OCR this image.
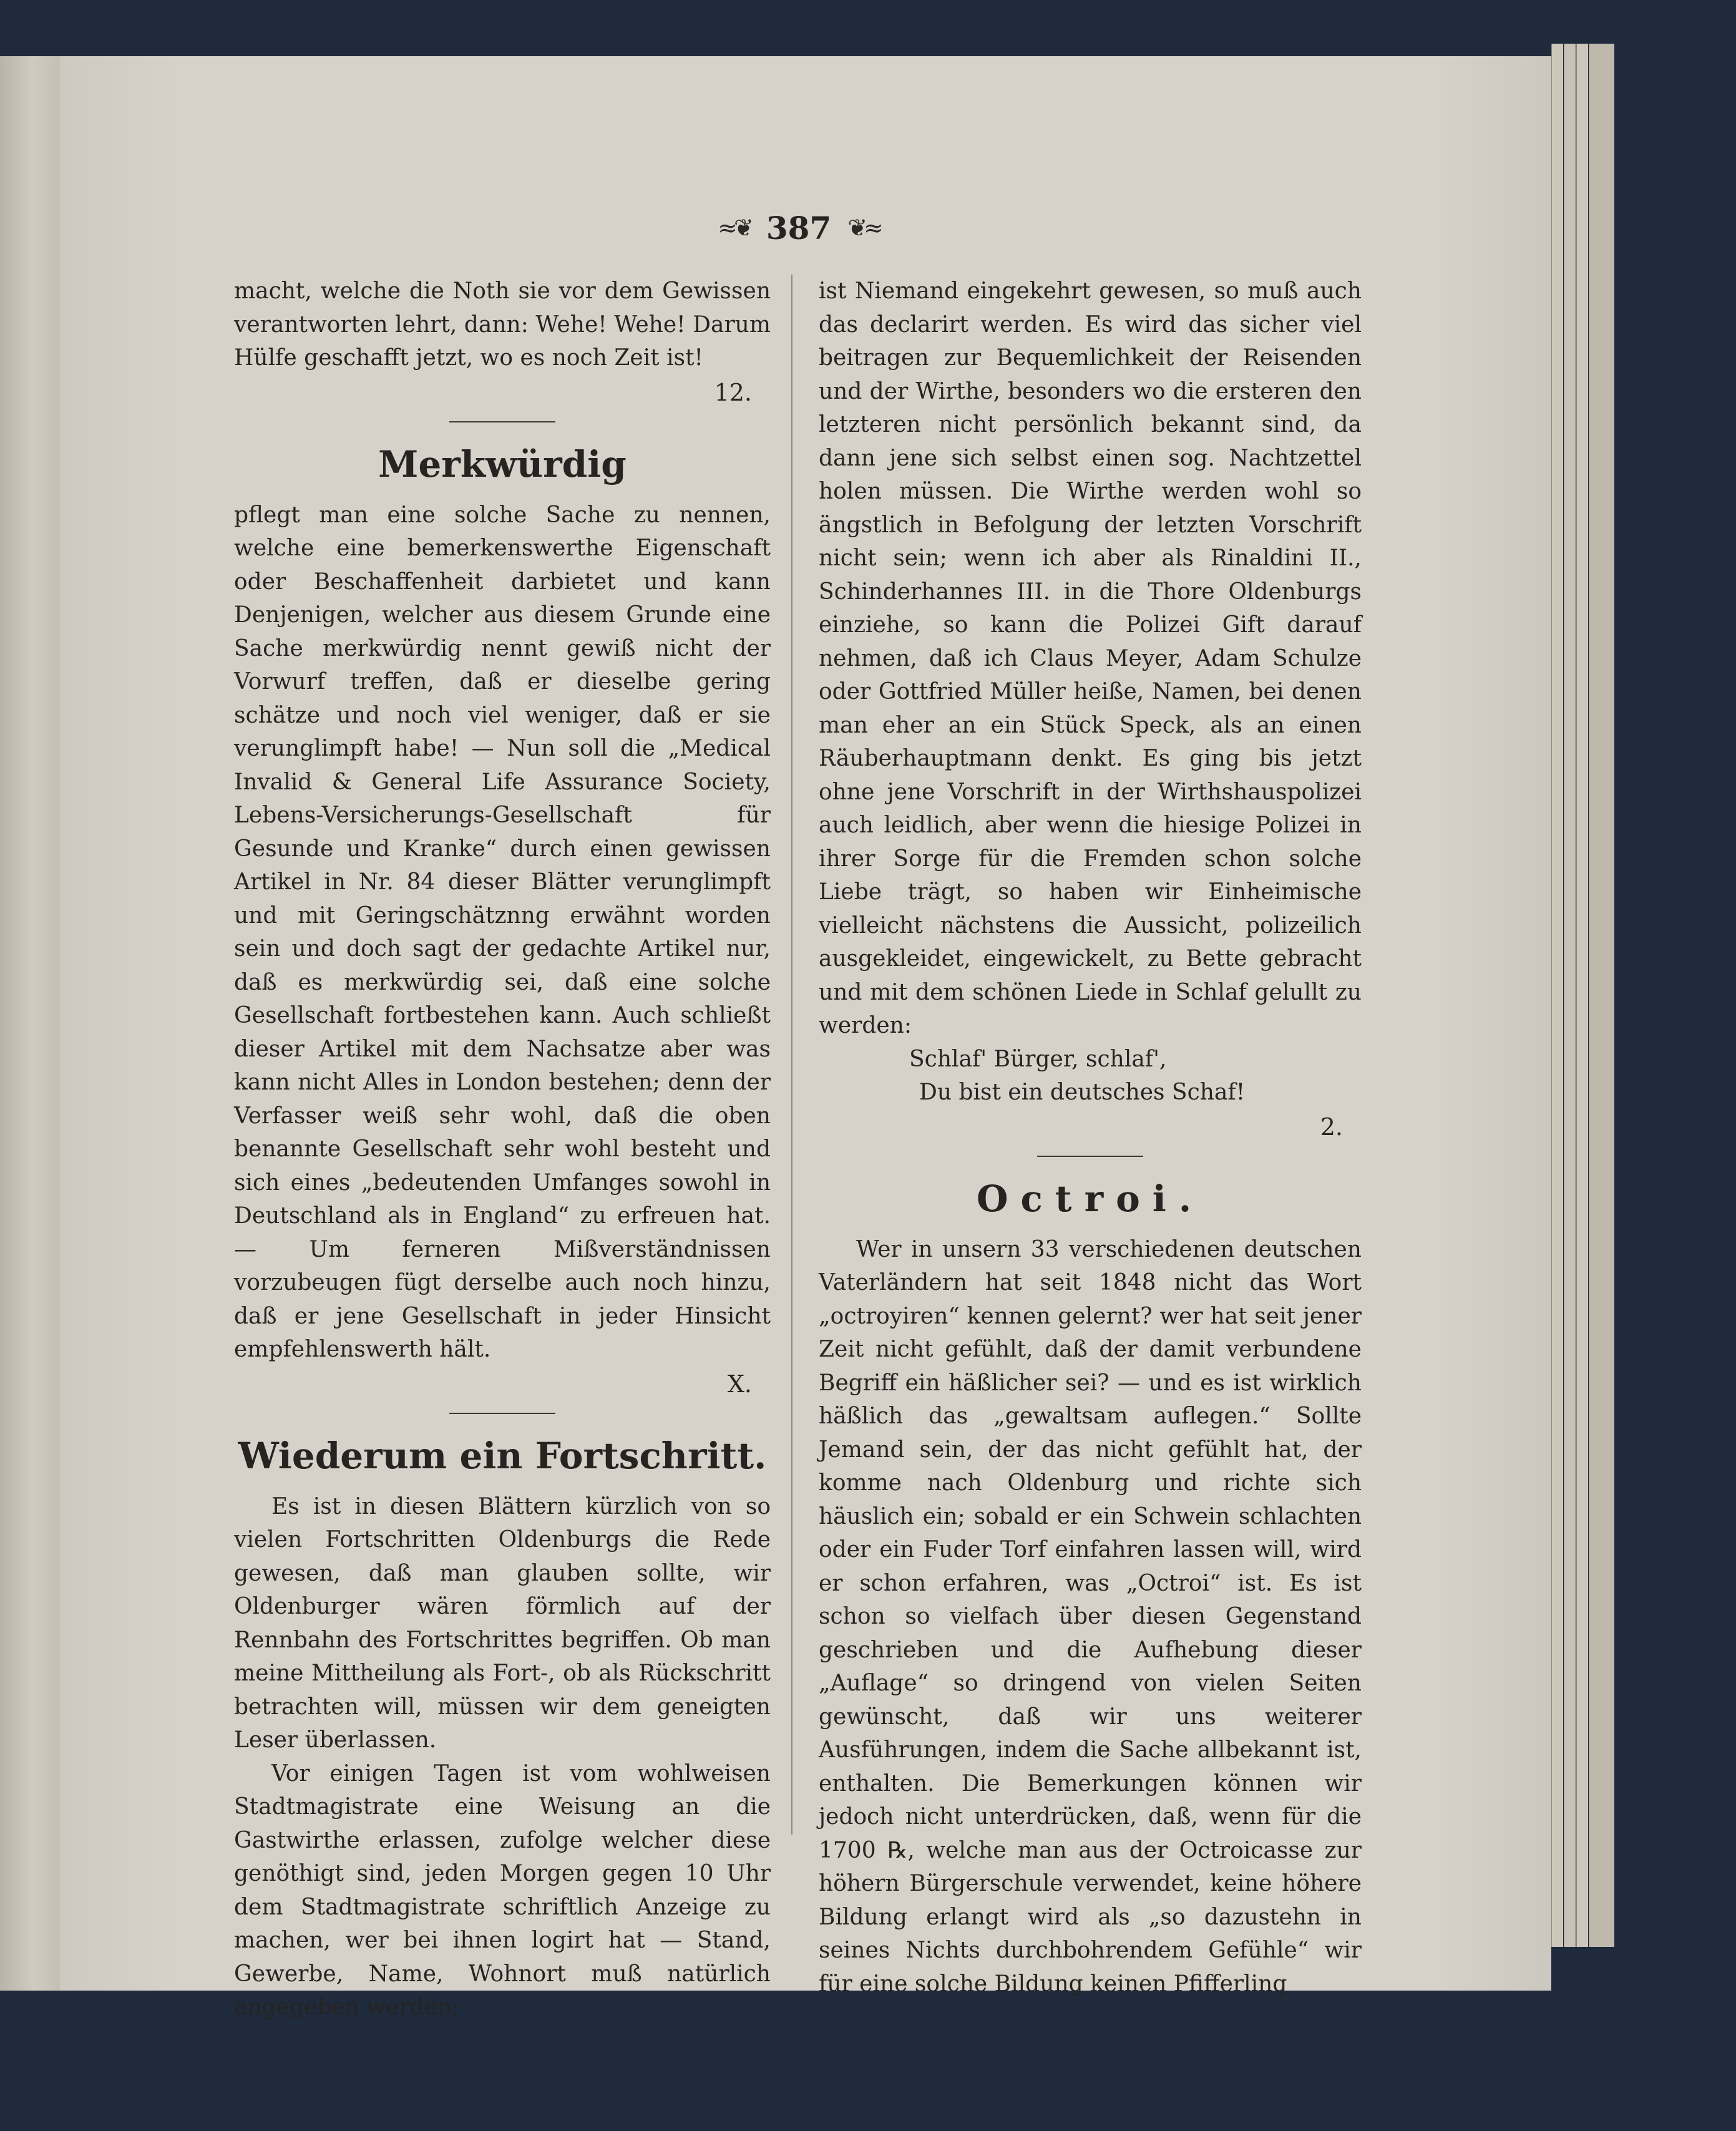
≈❦ 387 ❦≈

macht, welche die Noth sie vor dem Gewissen verantworten lehrt, dann: Wehe! Wehe! Darum Hülfe geschafft jetzt, wo es noch Zeit ist!

12.
Merkwürdig

pflegt man eine solche Sache zu nennen, welche eine bemerkenswerthe Eigenschaft oder Beschaffenheit darbietet und kann Denjenigen, welcher aus diesem Grunde eine Sache merkwürdig nennt gewiß nicht der Vorwurf treffen, daß er dieselbe gering schätze und noch viel weniger, daß er sie verunglimpft habe! — Nun soll die „Medical Invalid & General Life Assurance Society, Lebens-Versicherungs-Gesellschaft für Gesunde und Kranke“ durch einen gewissen Artikel in Nr. 84 dieser Blätter verunglimpft und mit Geringschätznng erwähnt worden sein und doch sagt der gedachte Artikel nur, daß es merkwürdig sei, daß eine solche Gesellschaft fortbestehen kann. Auch schließt dieser Artikel mit dem Nachsatze aber was kann nicht Alles in London bestehen; denn der Verfasser weiß sehr wohl, daß die oben benannte Gesellschaft sehr wohl besteht und sich eines „bedeutenden Umfanges sowohl in Deutschland als in England“ zu erfreuen hat. — Um ferneren Mißverständnissen vorzubeugen fügt derselbe auch noch hinzu, daß er jene Gesellschaft in jeder Hinsicht empfehlenswerth hält.

X.
Wiederum ein Fortschritt.

Es ist in diesen Blättern kürzlich von so vielen Fortschritten Oldenburgs die Rede gewesen, daß man glauben sollte, wir Oldenburger wären förmlich auf der Rennbahn des Fortschrittes begriffen. Ob man meine Mittheilung als Fort-, ob als Rückschritt betrachten will, müssen wir dem geneigten Leser überlassen.

Vor einigen Tagen ist vom wohlweisen Stadtmagistrate eine Weisung an die Gastwirthe erlassen, zufolge welcher diese genöthigt sind, jeden Morgen gegen 10 Uhr dem Stadtmagistrate schriftlich Anzeige zu machen, wer bei ihnen logirt hat — Stand, Gewerbe, Name, Wohnort muß natürlich angegeben werden;

ist Niemand eingekehrt gewesen, so muß auch das declarirt werden. Es wird das sicher viel beitragen zur Bequemlichkeit der Reisenden und der Wirthe, besonders wo die ersteren den letzteren nicht persönlich bekannt sind, da dann jene sich selbst einen sog. Nachtzettel holen müssen. Die Wirthe werden wohl so ängstlich in Befolgung der letzten Vorschrift nicht sein; wenn ich aber als Rinaldini II., Schinderhannes III. in die Thore Oldenburgs einziehe, so kann die Polizei Gift darauf nehmen, daß ich Claus Meyer, Adam Schulze oder Gottfried Müller heiße, Namen, bei denen man eher an ein Stück Speck, als an einen Räuberhauptmann denkt. Es ging bis jetzt ohne jene Vorschrift in der Wirthshauspolizei auch leidlich, aber wenn die hiesige Polizei in ihrer Sorge für die Fremden schon solche Liebe trägt, so haben wir Einheimische vielleicht nächstens die Aussicht, polizeilich ausgekleidet, eingewickelt, zu Bette gebracht und mit dem schönen Liede in Schlaf gelullt zu werden:

Schlaf' Bürger, schlaf',
Du bist ein deutsches Schaf!
2.
Octroi.

Wer in unsern 33 verschiedenen deutschen Vaterländern hat seit 1848 nicht das Wort „octroyiren“ kennen gelernt? wer hat seit jener Zeit nicht gefühlt, daß der damit verbundene Begriff ein häßlicher sei? — und es ist wirklich häßlich das „gewaltsam auflegen.“ Sollte Jemand sein, der das nicht gefühlt hat, der komme nach Oldenburg und richte sich häuslich ein; sobald er ein Schwein schlachten oder ein Fuder Torf einfahren lassen will, wird er schon erfahren, was „Octroi“ ist. Es ist schon so vielfach über diesen Gegenstand geschrieben und die Aufhebung dieser „Auflage“ so dringend von vielen Seiten gewünscht, daß wir uns weiterer Ausführungen, indem die Sache allbekannt ist, enthalten. Die Bemerkungen können wir jedoch nicht unterdrücken, daß, wenn für die 1700 ℞, welche man aus der Octroicasse zur höhern Bürgerschule verwendet, keine höhere Bildung erlangt wird als „so dazustehn in seines Nichts durchbohrendem Gefühle“ wir für eine solche Bildung keinen Pfifferling
